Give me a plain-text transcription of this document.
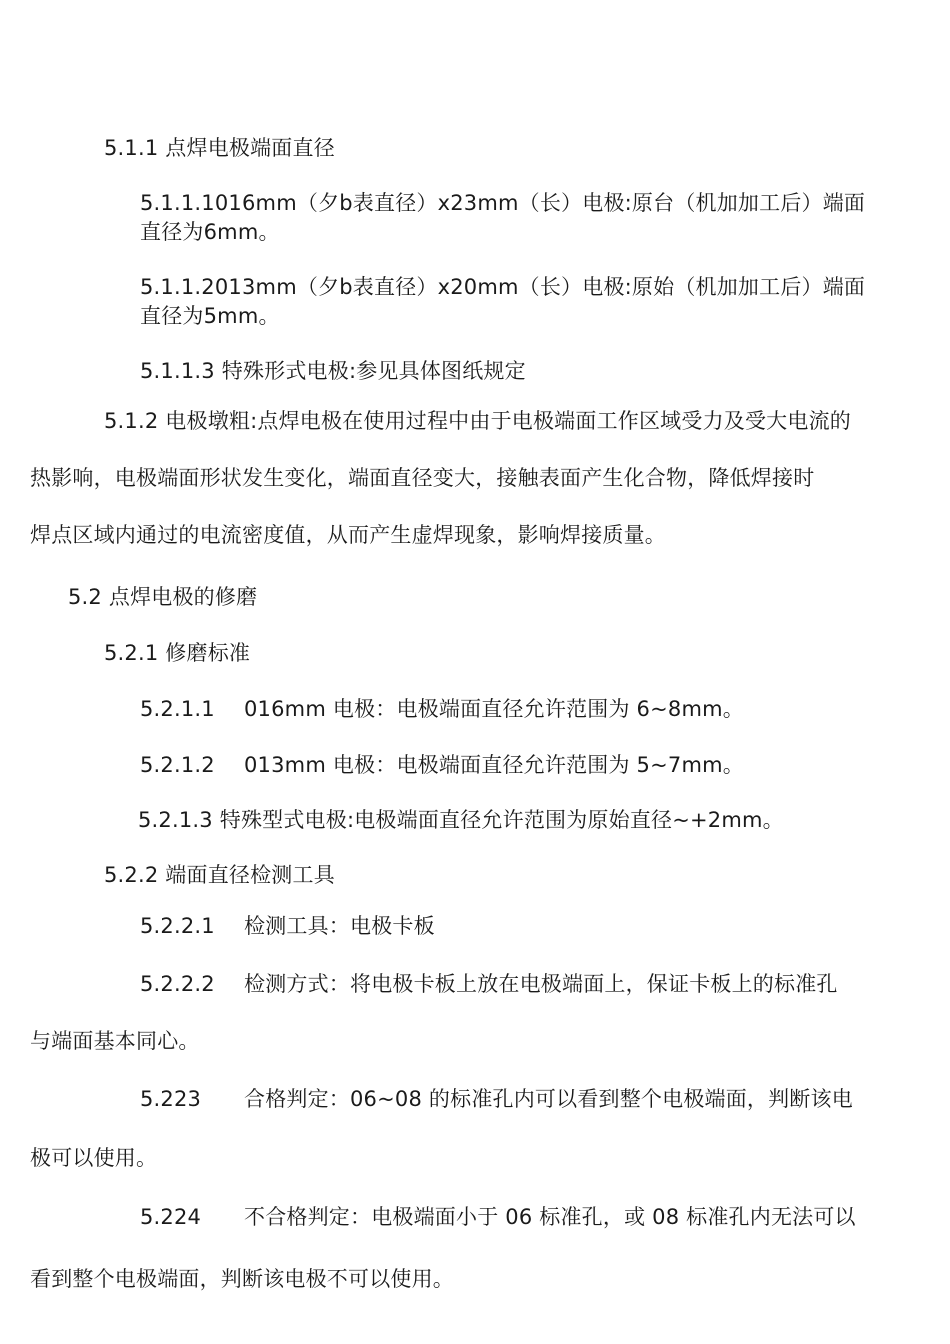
5.1.1 点焊电极端面直径
5.1.1.1016mm（夕b表直径）x23mm（长）电极:原台（机加加工后）端面
直径为6mm。
5.1.1.2013mm（夕b表直径）x20mm（长）电极:原始（机加加工后）端面
直径为5mm。
5.1.1.3 特殊形式电极:参见具体图纸规定
5.1.2 电极墩粗:点焊电极在使用过程中由于电极端面工作区域受力及受大电流的
热影响，电极端面形状发生变化，端面直径变大，接触表面产生化合物，降低焊接时
焊点区域内通过的电流密度值，从而产生虚焊现象，影响焊接质量。
5.2 点焊电极的修磨
5.2.1 修磨标准
5.2.1.1 016mm 电极：电极端面直径允许范围为 6~8mm。
5.2.1.2 013mm 电极：电极端面直径允许范围为 5~7mm。
5.2.1.3 特殊型式电极:电极端面直径允许范围为原始直径~+2mm。
5.2.2 端面直径检测工具
5.2.2.1 检测工具：电极卡板
5.2.2.2 检测方式：将电极卡板上放在电极端面上，保证卡板上的标准孔
与端面基本同心。
5.223 合格判定：06~08 的标准孔内可以看到整个电极端面，判断该电
极可以使用。
5.224 不合格判定：电极端面小于 06 标准孔，或 08 标准孔内无法可以
看到整个电极端面，判断该电极不可以使用。
